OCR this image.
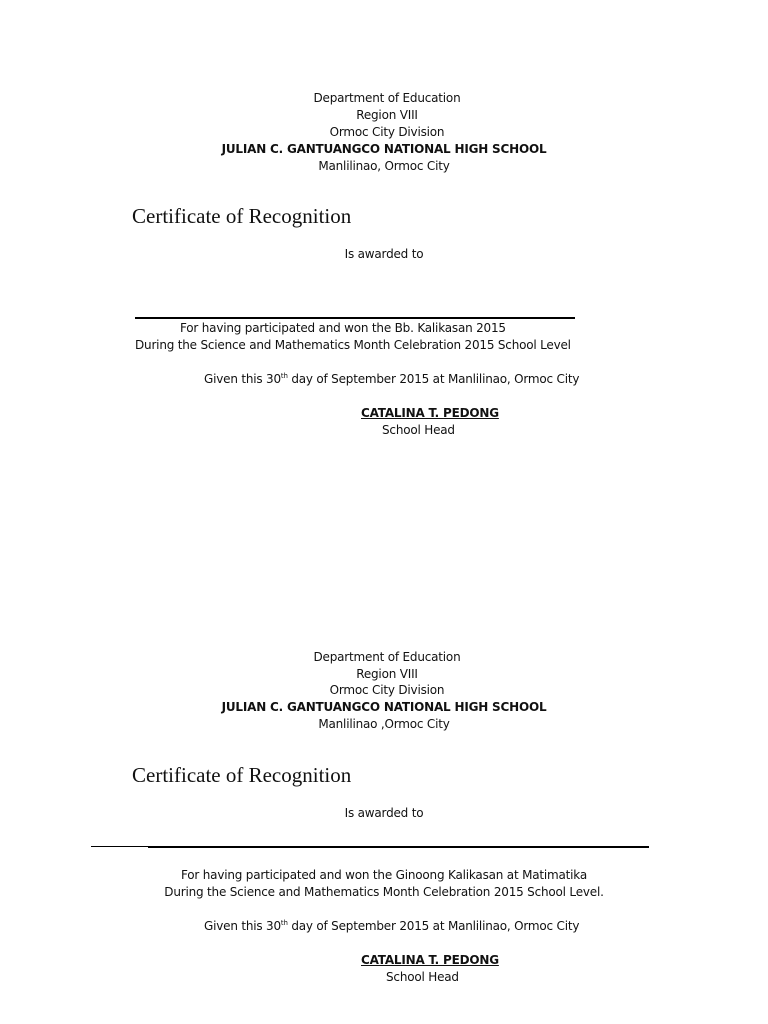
Department of Education
Region VIII
Ormoc City Division
JULIAN C. GANTUANGCO NATIONAL HIGH SCHOOL
Manlilinao, Ormoc City
Certificate of Recognition
Is awarded to
For having participated and won the Bb. Kalikasan 2015
During the Science and Mathematics Month Celebration 2015 School Level
Given this 30th day of September 2015 at Manlilinao, Ormoc City
CATALINA T. PEDONG
School Head
Department of Education
Region VIII
Ormoc City Division
JULIAN C. GANTUANGCO NATIONAL HIGH SCHOOL
Manlilinao ,Ormoc City
Certificate of Recognition
Is awarded to
For having participated and won the Ginoong Kalikasan at Matimatika
During the Science and Mathematics Month Celebration 2015 School Level.
Given this 30th day of September 2015 at Manlilinao, Ormoc City
CATALINA T. PEDONG
School Head
